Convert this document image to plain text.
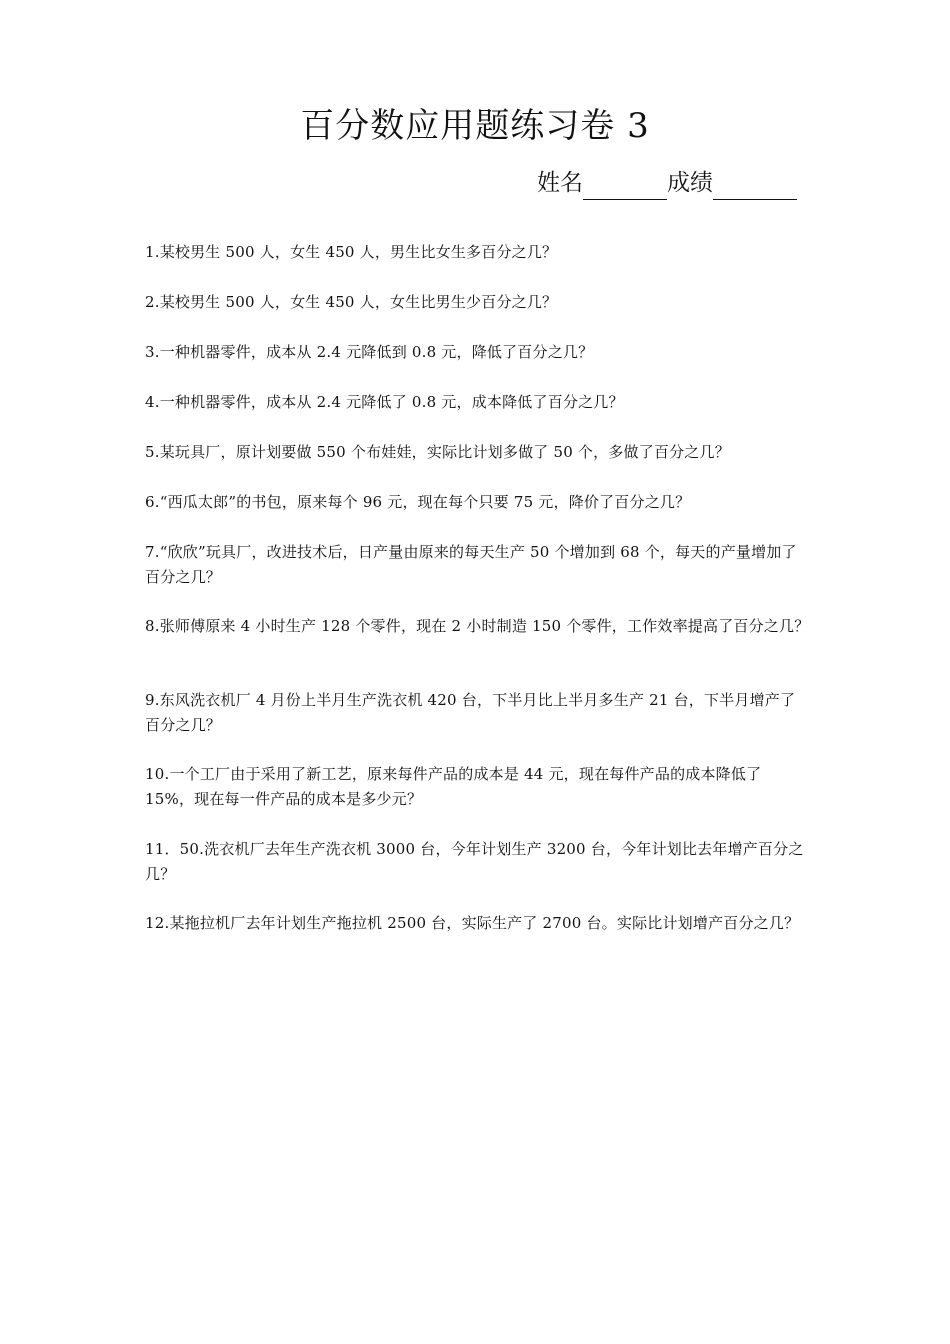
百分数应用题练习卷 3
姓名	成绩
1.某校男生 500 人，女生 450 人，男生比女生多百分之几？
2.某校男生 500 人，女生 450 人，女生比男生少百分之几？
3.一种机器零件，成本从 2.4 元降低到 0.8 元，降低了百分之几？
4.一种机器零件，成本从 2.4 元降低了 0.8 元，成本降低了百分之几？
5.某玩具厂，原计划要做 550 个布娃娃，实际比计划多做了 50 个，多做了百分之几？
6.“西瓜太郎”的书包，原来每个 96 元，现在每个只要 75 元，降价了百分之几？
7.“欣欣”玩具厂，改进技术后，日产量由原来的每天生产 50 个增加到 68 个，每天的产量增加了百分之几？
8.张师傅原来 4 小时生产 128 个零件，现在 2 小时制造 150 个零件，工作效率提高了百分之几？
9.东风洗衣机厂 4 月份上半月生产洗衣机 420 台，下半月比上半月多生产 21 台，下半月增产了百分之几？
10.一个工厂由于采用了新工艺，原来每件产品的成本是 44 元，现在每件产品的成本降低了 15%，现在每一件产品的成本是多少元？
11．50.洗衣机厂去年生产洗衣机 3000 台，今年计划生产 3200 台，今年计划比去年增产百分之几？
12.某拖拉机厂去年计划生产拖拉机 2500 台，实际生产了 2700 台。实际比计划增产百分之几？
